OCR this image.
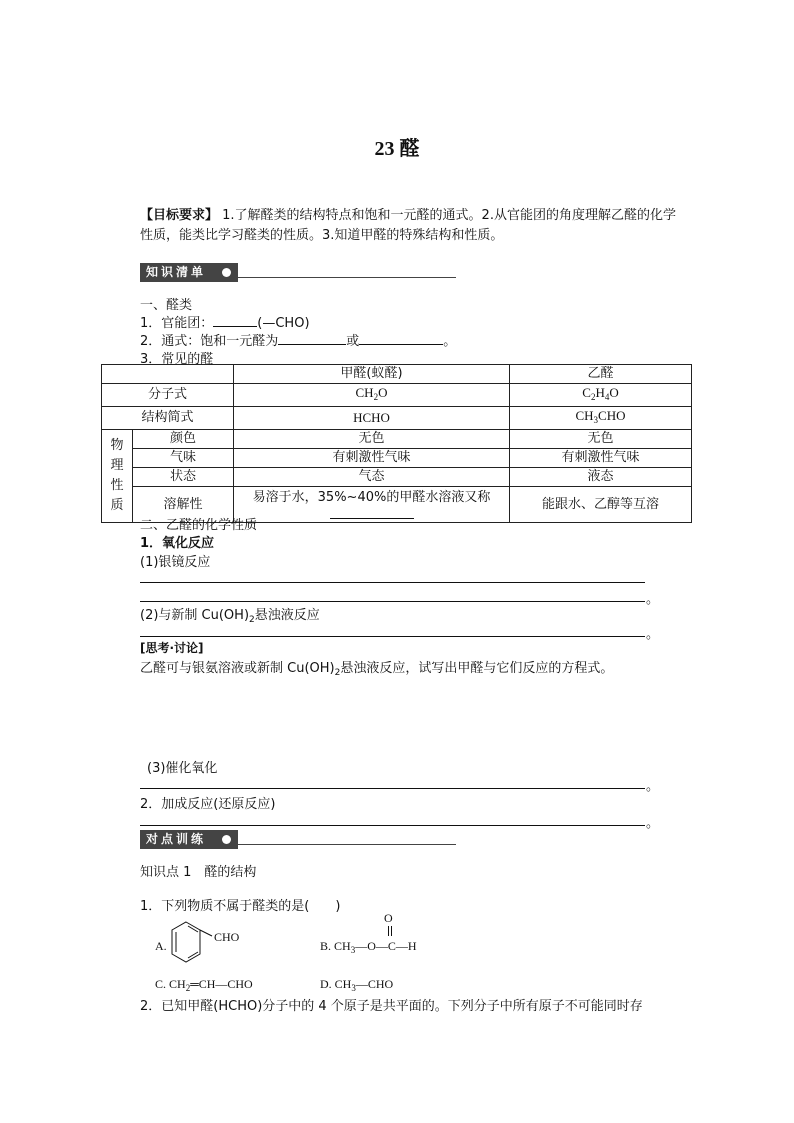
23 醛
【目标要求】 1.了解醛类的结构特点和饱和一元醛的通式。2.从官能团的角度理解乙醛的化学性质，能类比学习醛类的性质。3.知道甲醛的特殊结构和性质。
知识清单
一、醛类
1．官能团：	(—CHO)
2．通式：饱和一元醛为	或	。
3．常见的醛
		甲醛(蚁醛)	乙醛
分子式		$CH_2O$	$C_2H_4O$
结构简式		HCHO	$CH_3CHO$

物理性质	颜色	无色	无色
	气味	有刺激性气味	有刺激性气味
	状态	气态	液态
	溶解性	易溶于水，35%~40%的甲醛水溶液又称	能跟水、乙醇等互溶
二、乙醛的化学性质
1．氧化反应
(1)银镜反应
。
(2)与新制 $Cu(OH)_2$悬浊液反应
。
[思考·讨论]
乙醛可与银氨溶液或新制 $Cu(OH)_2$悬浊液反应，试写出甲醛与它们反应的方程式。
(3)催化氧化
。
2．加成反应(还原反应)
。
对点训练
知识点 1　醛的结构
1．下列物质不属于醛类的是(　　)
A.
CHO
O
B. $CH_3—O—C—H$
C. $CH_2═CH—CHO$	D. $CH_3—CHO$
2．已知甲醛(HCHO)分子中的 4 个原子是共平面的。下列分子中所有原子不可能同时存
